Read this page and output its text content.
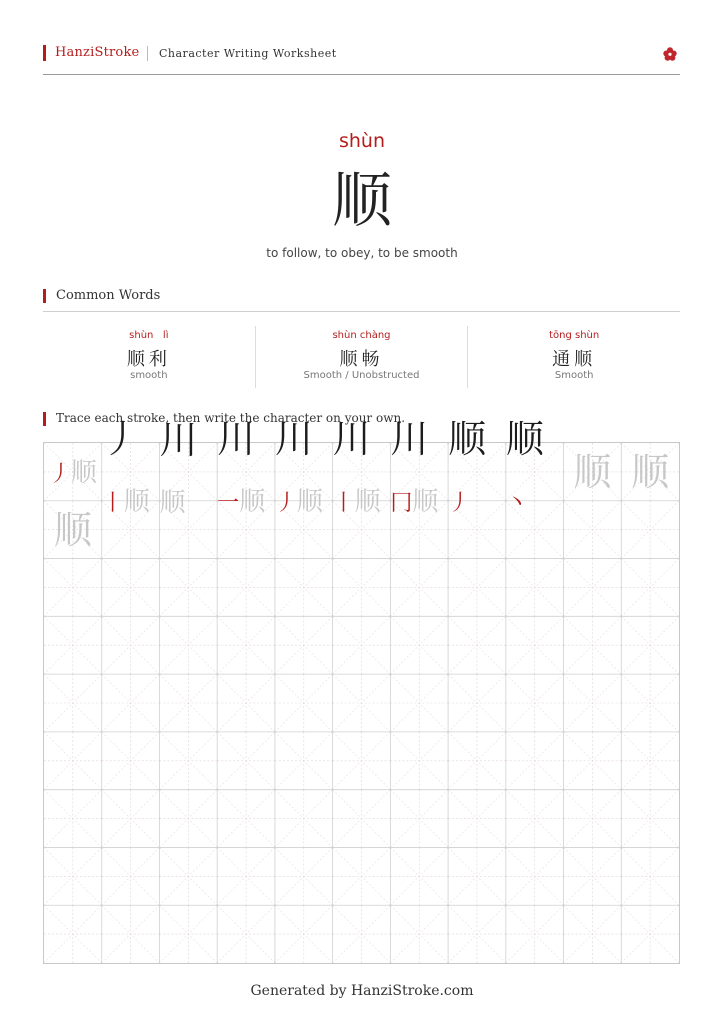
HanziStroke Character Writing Worksheet
shùn
顺
to follow, to obey, to be smooth
Common Words
shùn   lì
顺利
smooth
shùn chàng
顺畅
Smooth / Unobstructed
tōng shùn
通顺
Smooth
Trace each stroke, then write the character on your own.
丿顺
丿丨顺
川顺
川一顺
川丿顺
川丨顺
川冂顺
顺丿
顺丶
顺 顺
顺
Generated by HanziStroke.com
